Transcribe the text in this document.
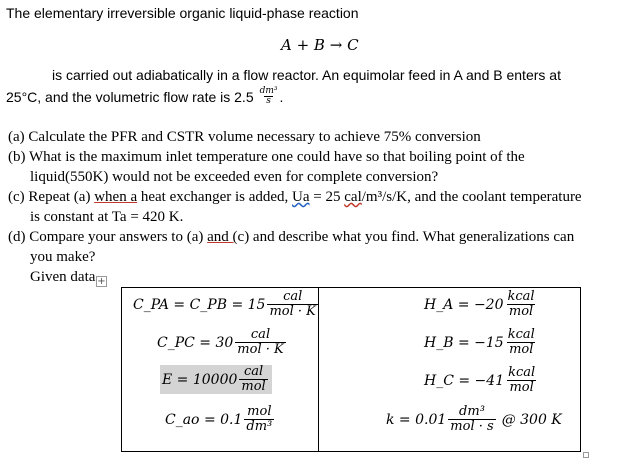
The elementary irreversible organic liquid-phase reaction
A + B → C
is carried out adiabatically in a flow reactor. An equimolar feed in A and B enters at
25°C, and the volumetric flow rate is $2.5 \frac{\text{dm³}}{s}$ .
(a) Calculate the PFR and CSTR volume necessary to achieve 75% conversion
(b) What is the maximum inlet temperature one could have so that boiling point of the
liquid(550K) would not be exceeded even for complete conversion?
(c) Repeat (a) when a heat exchanger is added, Ua = 25 cal/m³/s/K, and the coolant temperature
is constant at Ta = 420 K.
(d) Compare your answers to (a) and (c) and describe what you find. What generalizations can
you make?
Given data +
C_PA = C_PB = $15 \frac{\text{cal}}{\text{mol · K}}$
C_PC = $30 \frac{\text{cal}}{\text{mol · K}}$
$E = 10000 \frac{\text{cal}}{\text{mol}}$
C_ao = $0.1 \frac{\text{mol}}{\text{dm³}}$
H_A = $-20 \frac{\text{kcal}}{\text{mol}}$
H_B = $-15 \frac{\text{kcal}}{\text{mol}}$
H_C = $-41 \frac{\text{kcal}}{\text{mol}}$
$k = 0.01 \frac{\text{dm³}}{\text{mol · s}}$ @ 300 K
